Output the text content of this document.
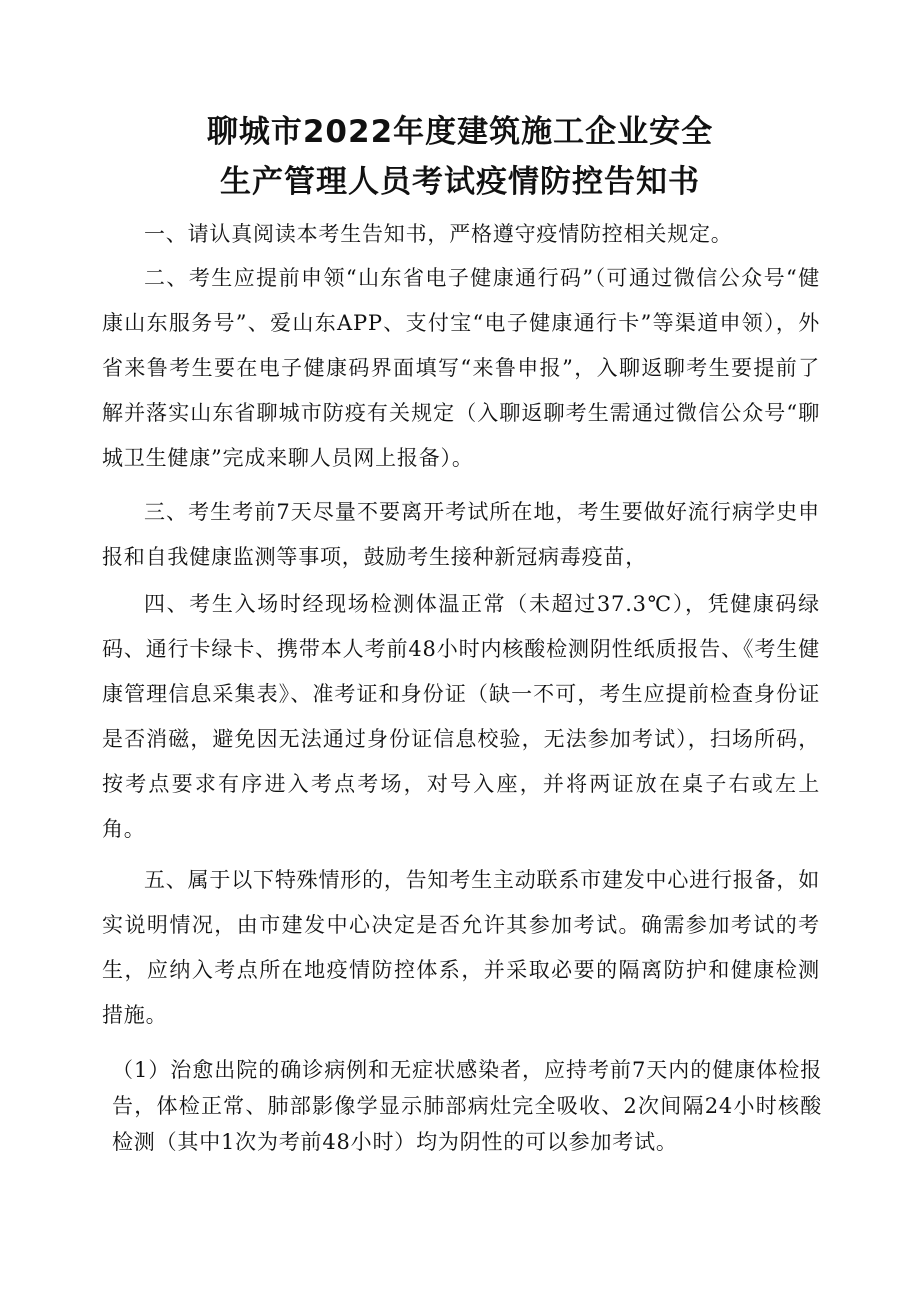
聊城市2022年度建筑施工企业安全
生产管理人员考试疫情防控告知书

一、请认真阅读本考生告知书，严格遵守疫情防控相关规定。

二、考生应提前申领“山东省电子健康通行码”（可通过微信公众号“健康山东服务号”、爱山东APP、支付宝“电子健康通行卡”等渠道申领），外省来鲁考生要在电子健康码界面填写“来鲁申报”，入聊返聊考生要提前了解并落实山东省聊城市防疫有关规定（入聊返聊考生需通过微信公众号“聊城卫生健康”完成来聊人员网上报备）。

三、考生考前7天尽量不要离开考试所在地，考生要做好流行病学史申报和自我健康监测等事项，鼓励考生接种新冠病毒疫苗，

四、考生入场时经现场检测体温正常（未超过37.3℃），凭健康码绿码、通行卡绿卡、携带本人考前48小时内核酸检测阴性纸质报告、《考生健康管理信息采集表》、准考证和身份证（缺一不可，考生应提前检查身份证是否消磁，避免因无法通过身份证信息校验，无法参加考试），扫场所码，按考点要求有序进入考点考场，对号入座，并将两证放在桌子右或左上角。

五、属于以下特殊情形的，告知考生主动联系市建发中心进行报备，如实说明情况，由市建发中心决定是否允许其参加考试。确需参加考试的考生，应纳入考点所在地疫情防控体系，并采取必要的隔离防护和健康检测措施。

（1）治愈出院的确诊病例和无症状感染者，应持考前7天内的健康体检报告，体检正常、肺部影像学显示肺部病灶完全吸收、2次间隔24小时核酸检测（其中1次为考前48小时）均为阴性的可以参加考试。
